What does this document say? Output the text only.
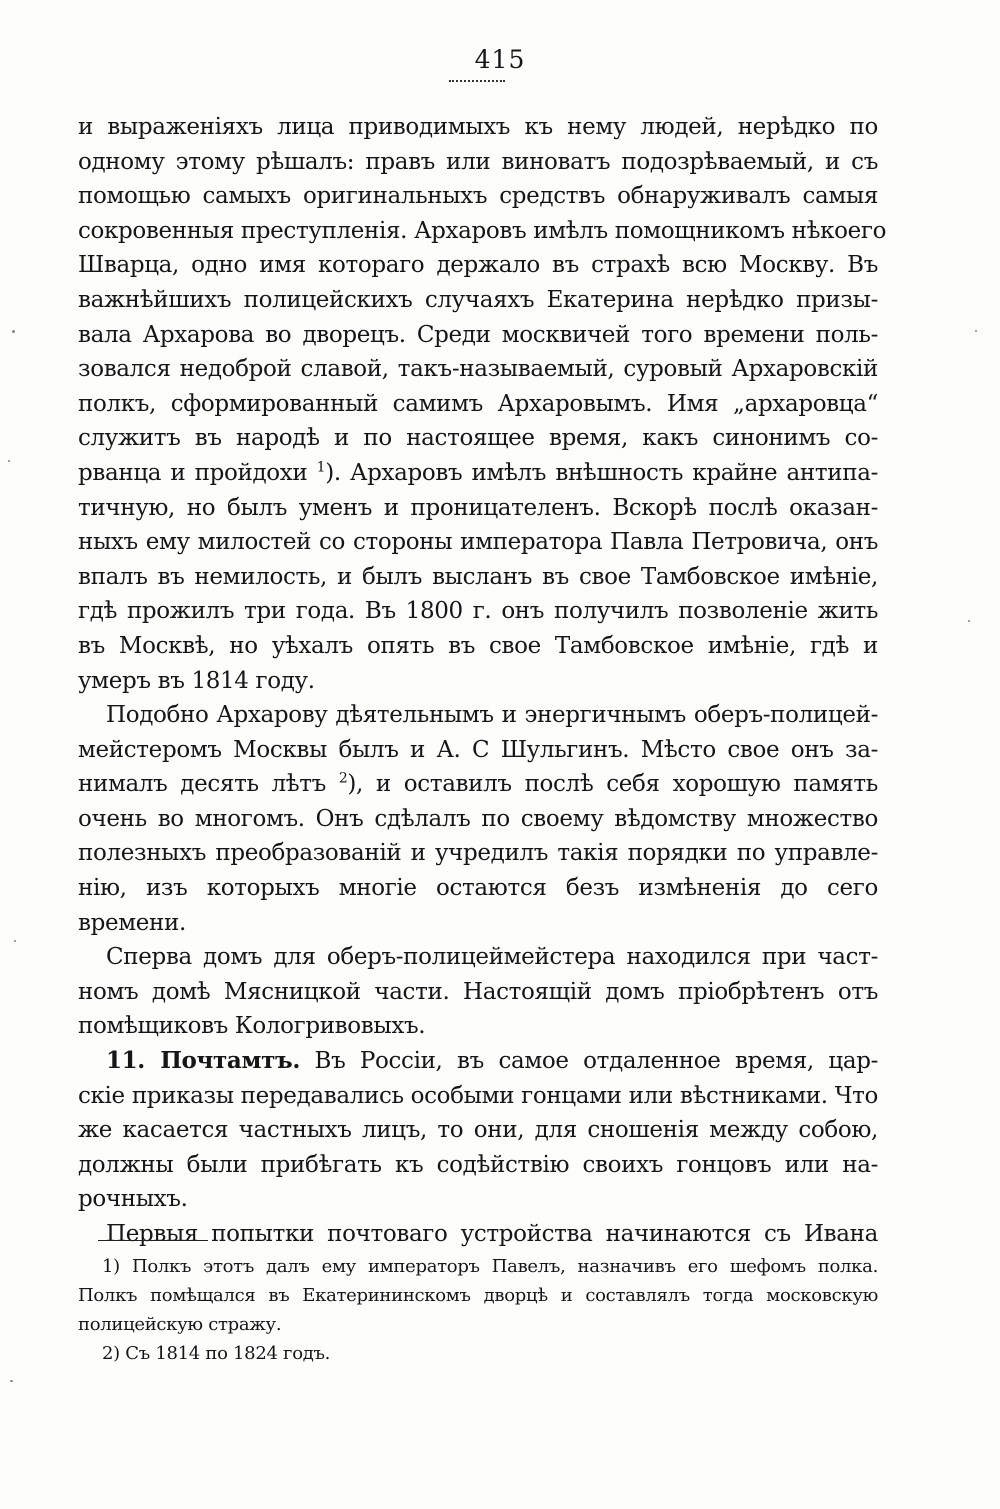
415
и выраженіяхъ лица приводимыхъ къ нему людей, нерѣдко по
одному этому рѣшалъ: правъ или виноватъ подозрѣваемый, и съ
помощью самыхъ оригинальныхъ средствъ обнаруживалъ самыя
сокровенныя преступленія. Архаровъ имѣлъ помощникомъ нѣкоего
Шварца, одно имя котораго держало въ страхѣ всю Москву. Въ
важнѣйшихъ полицейскихъ случаяхъ Екатерина нерѣдко призы-
вала Архарова во дворецъ. Среди москвичей того времени поль-
зовался недоброй славой, такъ-называемый, суровый Архаровскій
полкъ, сформированный самимъ Архаровымъ. Имя „архаровца“
служитъ въ народѣ и по настоящее время, какъ синонимъ со-
рванца и пройдохи $^1$). Архаровъ имѣлъ внѣшность крайне антипа-
тичную, но былъ уменъ и проницателенъ. Вскорѣ послѣ оказан-
ныхъ ему милостей со стороны императора Павла Петровича, онъ
впалъ въ немилость, и былъ высланъ въ свое Тамбовское имѣніе,
гдѣ прожилъ три года. Въ 1800 г. онъ получилъ позволеніе жить
въ Москвѣ, но уѣхалъ опять въ свое Тамбовское имѣніе, гдѣ и
умеръ въ 1814 году.
Подобно Архарову дѣятельнымъ и энергичнымъ оберъ-полицей-
мейстеромъ Москвы былъ и А. С Шульгинъ. Мѣсто свое онъ за-
нималъ десять лѣтъ $^2$), и оставилъ послѣ себя хорошую память
очень во многомъ. Онъ сдѣлалъ по своему вѣдомству множество
полезныхъ преобразованій и учредилъ такія порядки по управле-
нію, изъ которыхъ многіе остаются безъ измѣненія до сего
времени.
Сперва домъ для оберъ-полицеймейстера находился при част-
номъ домѣ Мясницкой части. Настоящій домъ пріобрѣтенъ отъ
помѣщиковъ Кологривовыхъ.
11. Почтамтъ. Въ Россіи, въ самое отдаленное время, цар-
скіе приказы передавались особыми гонцами или вѣстниками. Что
же касается частныхъ лицъ, то они, для сношенія между собою,
должны были прибѣгать къ содѣйствію своихъ гонцовъ или на-
рочныхъ.
Первыя попытки почтоваго устройства начинаются съ Ивана
1) Полкъ этотъ далъ ему императоръ Павелъ, назначивъ его шефомъ полка.
Полкъ помѣщался въ Екатерининскомъ дворцѣ и составлялъ тогда московскую
полицейскую стражу.
2) Съ 1814 по 1824 годъ.
